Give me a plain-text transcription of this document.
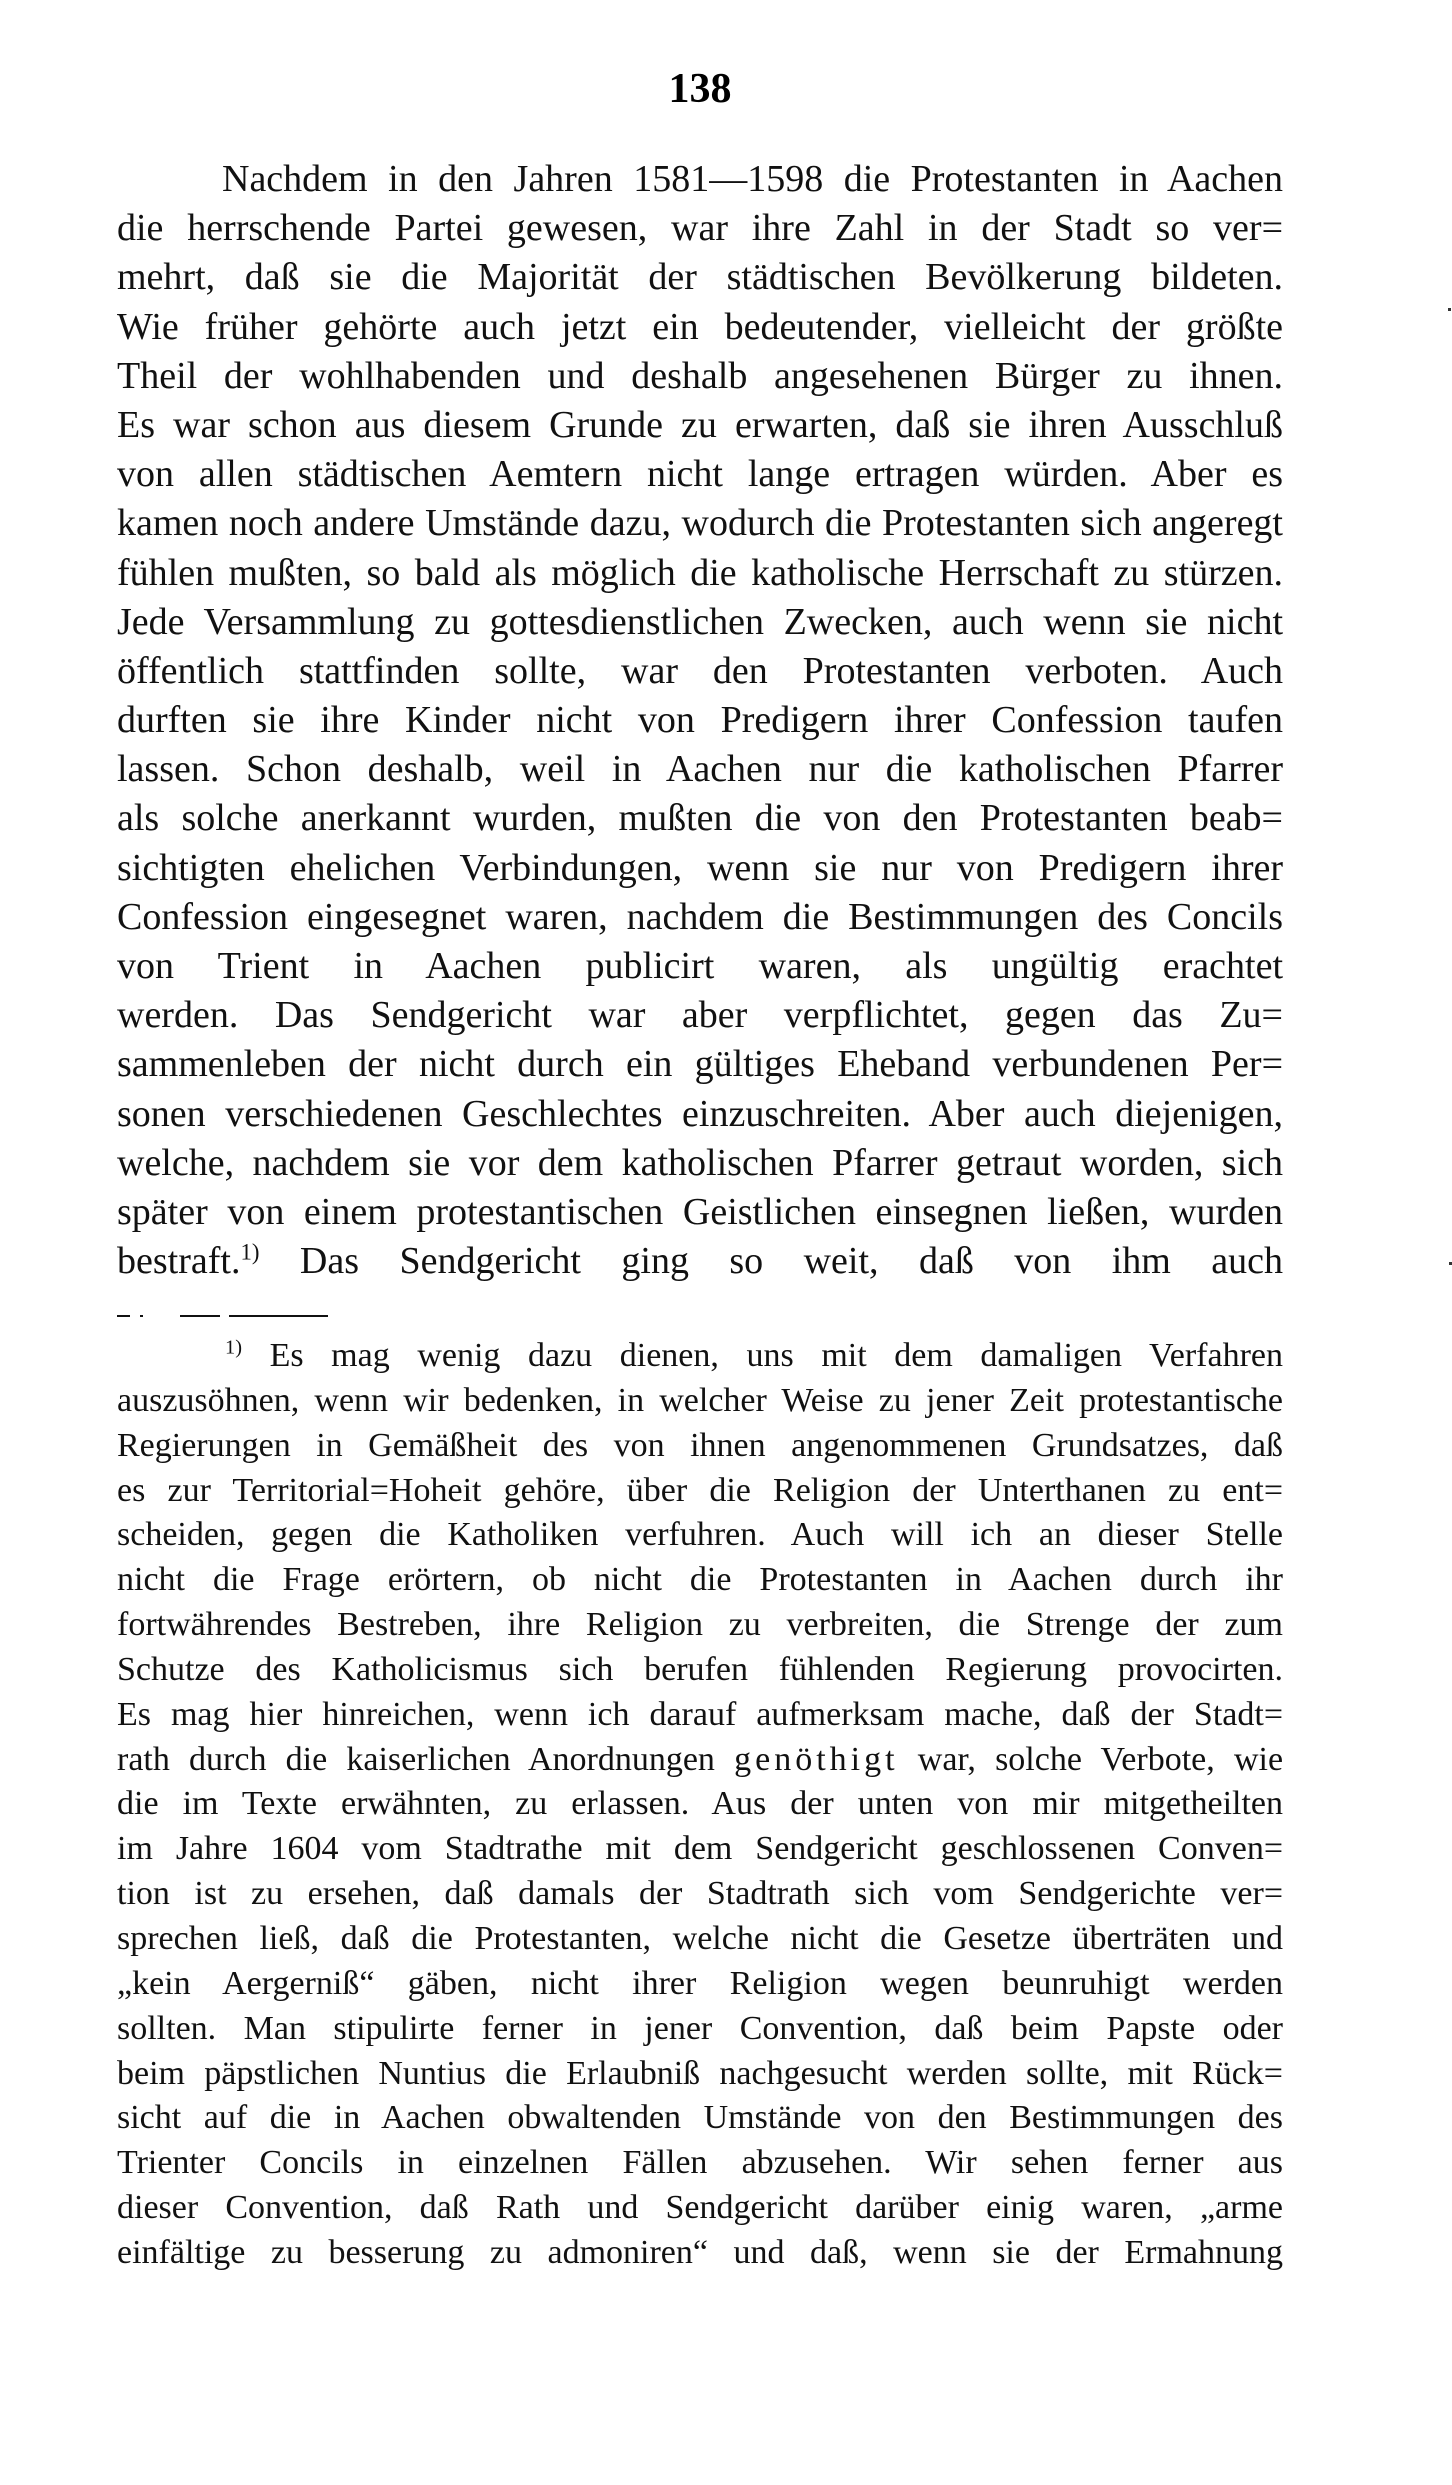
138
Nachdem in den Jahren 1581—1598 die Protestanten in Aachen
die herrschende Partei gewesen, war ihre Zahl in der Stadt so ver=
mehrt, daß sie die Majorität der städtischen Bevölkerung bildeten.
Wie früher gehörte auch jetzt ein bedeutender, vielleicht der größte
Theil der wohlhabenden und deshalb angesehenen Bürger zu ihnen.
Es war schon aus diesem Grunde zu erwarten, daß sie ihren Ausschluß
von allen städtischen Aemtern nicht lange ertragen würden. Aber es
kamen noch andere Umstände dazu, wodurch die Protestanten sich angeregt
fühlen mußten, so bald als möglich die katholische Herrschaft zu stürzen.
Jede Versammlung zu gottesdienstlichen Zwecken, auch wenn sie nicht
öffentlich stattfinden sollte, war den Protestanten verboten. Auch
durften sie ihre Kinder nicht von Predigern ihrer Confession taufen
lassen. Schon deshalb, weil in Aachen nur die katholischen Pfarrer
als solche anerkannt wurden, mußten die von den Protestanten beab=
sichtigten ehelichen Verbindungen, wenn sie nur von Predigern ihrer
Confession eingesegnet waren, nachdem die Bestimmungen des Concils
von Trient in Aachen publicirt waren, als ungültig erachtet
werden. Das Sendgericht war aber verpflichtet, gegen das Zu=
sammenleben der nicht durch ein gültiges Eheband verbundenen Per=
sonen verschiedenen Geschlechtes einzuschreiten. Aber auch diejenigen,
welche, nachdem sie vor dem katholischen Pfarrer getraut worden, sich
später von einem protestantischen Geistlichen einsegnen ließen, wurden
bestraft.$^{1)}$ Das Sendgericht ging so weit, daß von ihm auch
$^{1)}$ Es mag wenig dazu dienen, uns mit dem damaligen Verfahren
auszusöhnen, wenn wir bedenken, in welcher Weise zu jener Zeit protestantische
Regierungen in Gemäßheit des von ihnen angenommenen Grundsatzes, daß
es zur Territorial=Hoheit gehöre, über die Religion der Unterthanen zu ent=
scheiden, gegen die Katholiken verfuhren. Auch will ich an dieser Stelle
nicht die Frage erörtern, ob nicht die Protestanten in Aachen durch ihr
fortwährendes Bestreben, ihre Religion zu verbreiten, die Strenge der zum
Schutze des Katholicismus sich berufen fühlenden Regierung provocirten.
Es mag hier hinreichen, wenn ich darauf aufmerksam mache, daß der Stadt=
rath durch die kaiserlichen Anordnungen genöthigt war, solche Verbote, wie
die im Texte erwähnten, zu erlassen. Aus der unten von mir mitgetheilten
im Jahre 1604 vom Stadtrathe mit dem Sendgericht geschlossenen Conven=
tion ist zu ersehen, daß damals der Stadtrath sich vom Sendgerichte ver=
sprechen ließ, daß die Protestanten, welche nicht die Gesetze überträten und
„kein Aergerniß“ gäben, nicht ihrer Religion wegen beunruhigt werden
sollten. Man stipulirte ferner in jener Convention, daß beim Papste oder
beim päpstlichen Nuntius die Erlaubniß nachgesucht werden sollte, mit Rück=
sicht auf die in Aachen obwaltenden Umstände von den Bestimmungen des
Trienter Concils in einzelnen Fällen abzusehen. Wir sehen ferner aus
dieser Convention, daß Rath und Sendgericht darüber einig waren, „arme
einfältige zu besserung zu admoniren“ und daß, wenn sie der Ermahnung
